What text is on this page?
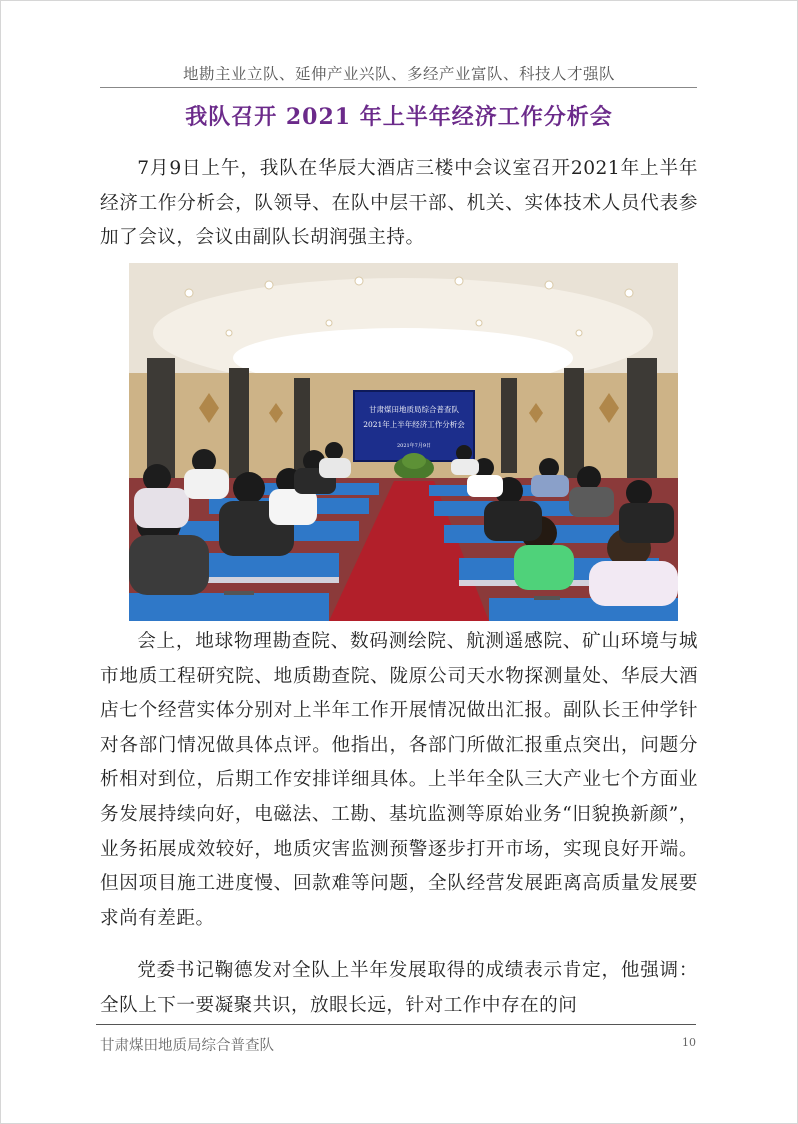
地勘主业立队、延伸产业兴队、多经产业富队、科技人才强队
我队召开 2021 年上半年经济工作分析会

7月9日上午，我队在华辰大酒店三楼中会议室召开2021年上半年经济工作分析会，队领导、在队中层干部、机关、实体技术人员代表参加了会议，会议由副队长胡润强主持。

甘肃煤田地质局综合普查队
2021年上半年经济工作分析会
2021年7月9日

会上，地球物理勘查院、数码测绘院、航测遥感院、矿山环境与城市地质工程研究院、地质勘查院、陇原公司天水物探测量处、华辰大酒店七个经营实体分别对上半年工作开展情况做出汇报。副队长王仲学针对各部门情况做具体点评。他指出，各部门所做汇报重点突出，问题分析相对到位，后期工作安排详细具体。上半年全队三大产业七个方面业务发展持续向好，电磁法、工勘、基坑监测等原始业务“旧貌换新颜”，业务拓展成效较好，地质灾害监测预警逐步打开市场，实现良好开端。但因项目施工进度慢、回款难等问题，全队经营发展距离高质量发展要求尚有差距。

党委书记鞠德发对全队上半年发展取得的成绩表示肯定，他强调：全队上下一要凝聚共识，放眼长远，针对工作中存在的问

甘肃煤田地质局综合普查队	10
